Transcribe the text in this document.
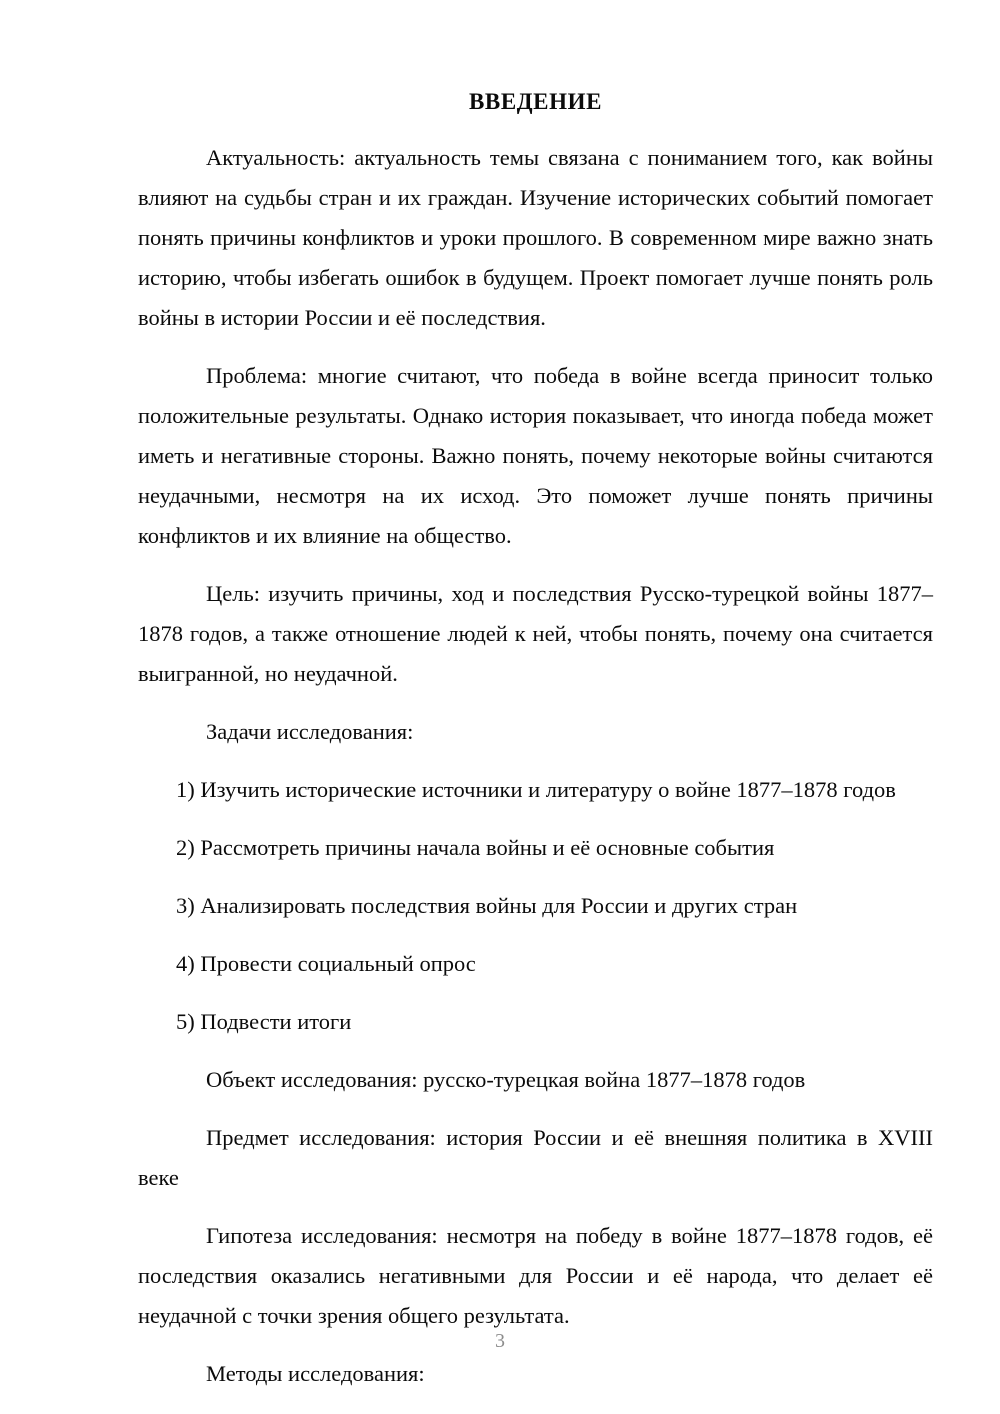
ВВЕДЕНИЕ

Актуальность: актуальность темы связана с пониманием того, как войны влияют на судьбы стран и их граждан. Изучение исторических событий помогает понять причины конфликтов и уроки прошлого. В современном мире важно знать историю, чтобы избегать ошибок в будущем. Проект помогает лучше понять роль войны в истории России и её последствия.

Проблема: многие считают, что победа в войне всегда приносит только положительные результаты. Однако история показывает, что иногда победа может иметь и негативные стороны. Важно понять, почему некоторые войны считаются неудачными, несмотря на их исход. Это поможет лучше понять причины конфликтов и их влияние на общество.

Цель: изучить причины, ход и последствия Русско-турецкой войны 1877–1878 годов, а также отношение людей к ней, чтобы понять, почему она считается выигранной, но неудачной.

Задачи исследования:

1) Изучить исторические источники и литературу о войне 1877–1878 годов

2) Рассмотреть причины начала войны и её основные события

3) Анализировать последствия войны для России и других стран

4) Провести социальный опрос

5) Подвести итоги

Объект исследования: русско-турецкая война 1877–1878 годов

Предмет исследования: история России и её внешняя политика в XVIII веке

Гипотеза исследования: несмотря на победу в войне 1877–1878 годов, её последствия оказались негативными для России и её народа, что делает её неудачной с точки зрения общего результата.

Методы исследования:

3
